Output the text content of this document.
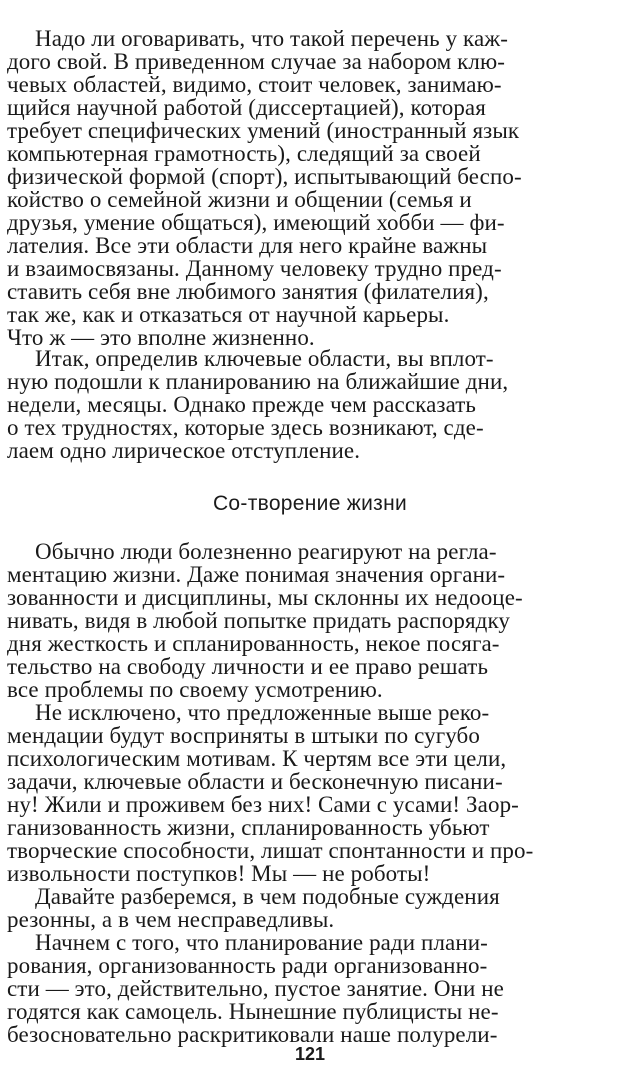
Надо ли оговаривать, что такой перечень у каж-
дого свой. В приведенном случае за набором клю-
чевых областей, видимо, стоит человек, занимаю-
щийся научной работой (диссертацией), которая
требует специфических умений (иностранный язык
компьютерная грамотность), следящий за своей
физической формой (спорт), испытывающий беспо-
койство о семейной жизни и общении (семья и
друзья, умение общаться), имеющий хобби — фи-
лателия. Все эти области для него крайне важны
и взаимосвязаны. Данному человеку трудно пред-
ставить себя вне любимого занятия (филателия),
так же, как и отказаться от научной карьеры.
Что ж — это вполне жизненно.
Итак, определив ключевые области, вы вплот-
ную подошли к планированию на ближайшие дни,
недели, месяцы. Однако прежде чем рассказать
о тех трудностях, которые здесь возникают, сде-
лаем одно лирическое отступление.
Со-творение жизни
Обычно люди болезненно реагируют на регла-
ментацию жизни. Даже понимая значения органи-
зованности и дисциплины, мы склонны их недооце-
нивать, видя в любой попытке придать распорядку
дня жесткость и спланированность, некое посяга-
тельство на свободу личности и ее право решать
все проблемы по своему усмотрению.
Не исключено, что предложенные выше реко-
мендации будут восприняты в штыки по сугубо
психологическим мотивам. К чертям все эти цели,
задачи, ключевые области и бесконечную писани-
ну! Жили и проживем без них! Сами с усами! Заор-
ганизованность жизни, спланированность убьют
творческие способности, лишат спонтанности и про-
извольности поступков! Мы — не роботы!
Давайте разберемся, в чем подобные суждения
резонны, а в чем несправедливы.
Начнем с того, что планирование ради плани-
рования, организованность ради организованно-
сти — это, действительно, пустое занятие. Они не
годятся как самоцель. Нынешние публицисты не-
безосновательно раскритиковали наше полурели-
121
